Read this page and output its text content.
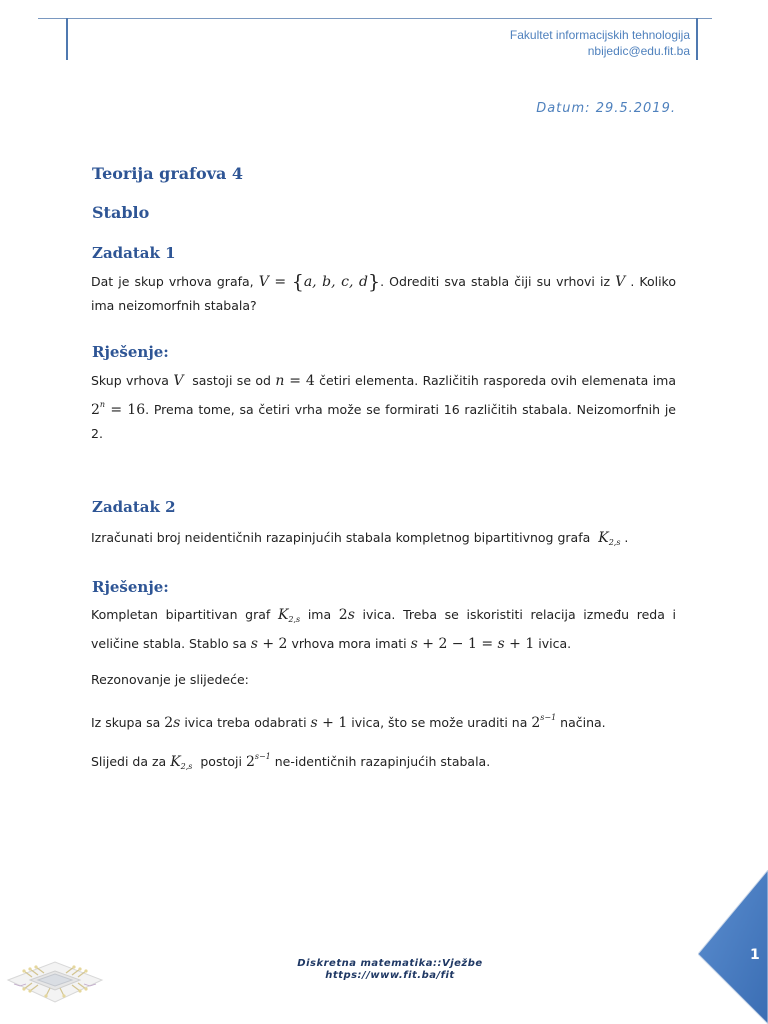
Fakultet informacijskih tehnologija
nbijedic@edu.fit.ba
Datum: 29.5.2019.
Teorija grafova 4
Stablo
Zadatak 1
Dat je skup vrhova grafa, V = {a, b, c, d}. Odrediti sva stabla čiji su vrhovi iz V . Koliko ima neizomorfnih stabala?
Rješenje:
Skup vrhova V sastoji se od n = 4 četiri elementa. Različitih rasporeda ovih elemenata ima $2^n = 16$. Prema tome, sa četiri vrha može se formirati 16 različitih stabala. Neizomorfnih je 2.
Zadatak 2
Izračunati broj neidentičnih razapinjućih stabala kompletnog bipartitivnog grafa  $K_{2,s}$ .
Rješenje:
Kompletan bipartitivan graf $K_{2,s}$ ima 2s ivica. Treba se iskoristiti relacija između reda i veličine stabla. Stablo sa s + 2 vrhova mora imati s + 2 − 1 = s + 1 ivica.
Rezonovanje je slijedeće:
Iz skupa sa 2s ivica treba odabrati s + 1 ivica, što se može uraditi na $2^{s-1}$ načina.
Slijedi da za $K_{2,s}$  postoji $2^{s-1}$ ne-identičnih razapinjućih stabala.
Diskretna matematika::Vježbe
https://www.fit.ba/fit
1
